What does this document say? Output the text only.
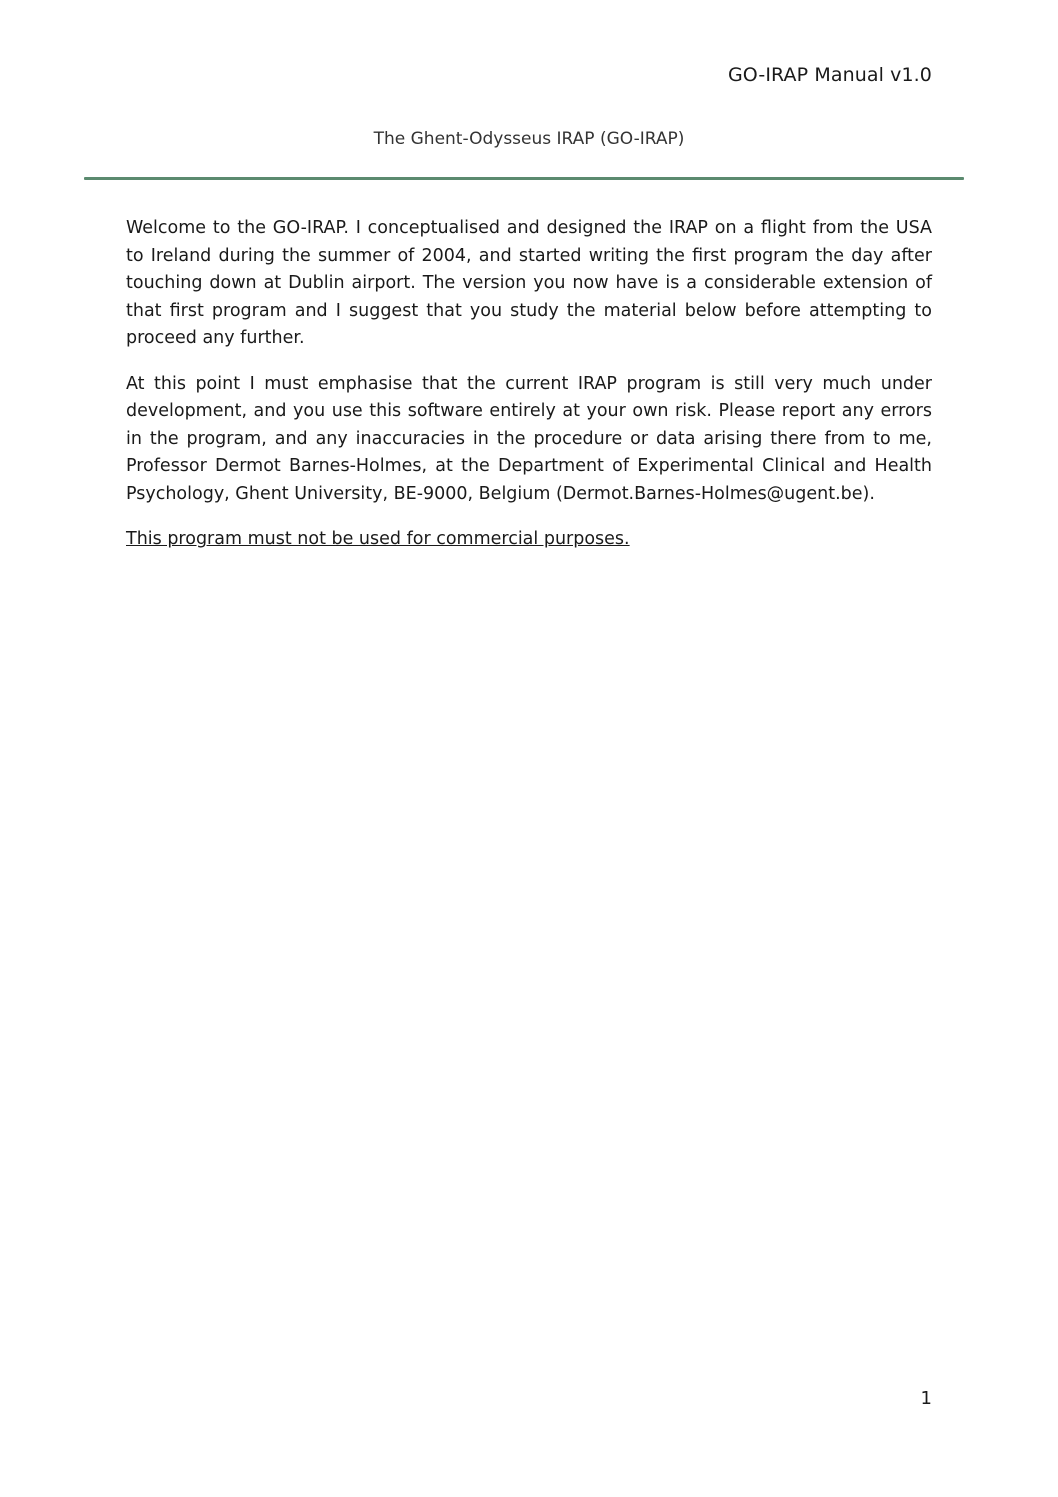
GO-IRAP Manual v1.0
The Ghent-Odysseus IRAP (GO-IRAP)

Welcome to the GO-IRAP. I conceptualised and designed the IRAP on a flight from the USA to Ireland during the summer of 2004, and started writing the first program the day after touching down at Dublin airport. The version you now have is a considerable extension of that first program and I suggest that you study the material below before attempting to proceed any further.

At this point I must emphasise that the current IRAP program is still very much under development, and you use this software entirely at your own risk. Please report any errors in the program, and any inaccuracies in the procedure or data arising there from to me, Professor Dermot Barnes-Holmes, at the Department of Experimental Clinical and Health Psychology, Ghent University, BE-9000, Belgium (Dermot.Barnes-Holmes@ugent.be).

This program must not be used for commercial purposes.

1
